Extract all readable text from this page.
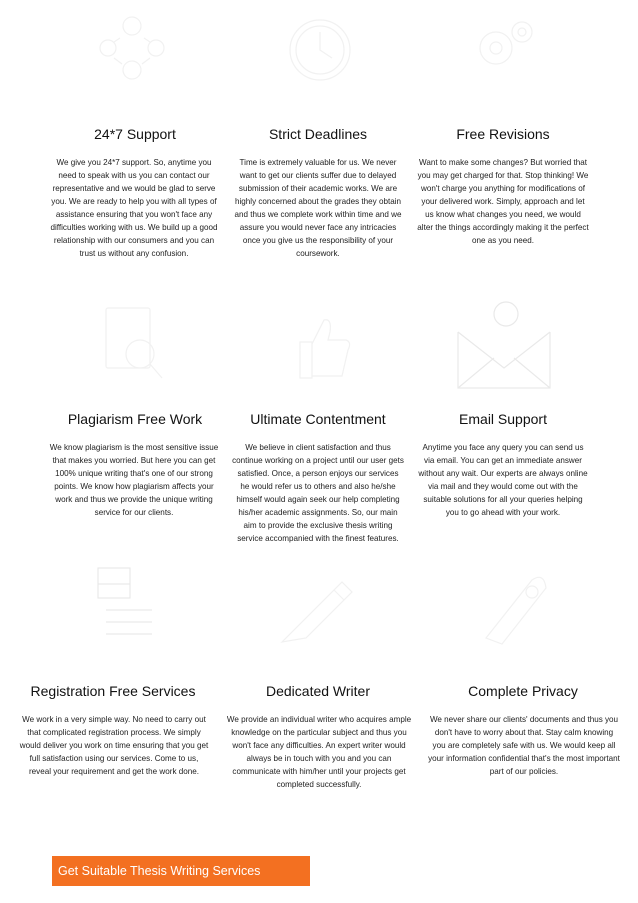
24*7 Support
We give you 24*7 support. So, anytime you need to speak with us you can contact our representative and we would be glad to serve you. We are ready to help you with all types of assistance ensuring that you won't face any difficulties working with us. We build up a good relationship with our consumers and you can trust us without any confusion.
Strict Deadlines
Time is extremely valuable for us. We never want to get our clients suffer due to delayed submission of their academic works. We are highly concerned about the grades they obtain and thus we complete work within time and we assure you would never face any intricacies once you give us the responsibility of your coursework.
Free Revisions
Want to make some changes? But worried that you may get charged for that. Stop thinking! We won't charge you anything for modifications of your delivered work. Simply, approach and let us know what changes you need, we would alter the things accordingly making it the perfect one as you need.
Plagiarism Free Work
We know plagiarism is the most sensitive issue that makes you worried. But here you can get 100% unique writing that's one of our strong points. We know how plagiarism affects your work and thus we provide the unique writing service for our clients.
Ultimate Contentment
We believe in client satisfaction and thus continue working on a project until our user gets satisfied. Once, a person enjoys our services he would refer us to others and also he/she himself would again seek our help completing his/her academic assignments. So, our main aim to provide the exclusive thesis writing service accompanied with the finest features.
Email Support
Anytime you face any query you can send us via email. You can get an immediate answer without any wait. Our experts are always online via mail and they would come out with the suitable solutions for all your queries helping you to go ahead with your work.
Registration Free Services
We work in a very simple way. No need to carry out that complicated registration process. We simply would deliver you work on time ensuring that you get full satisfaction using our services. Come to us, reveal your requirement and get the work done.
Dedicated Writer
We provide an individual writer who acquires ample knowledge on the particular subject and thus you won't face any difficulties. An expert writer would always be in touch with you and you can communicate with him/her until your projects get completed successfully.
Complete Privacy
We never share our clients' documents and thus you don't have to worry about that. Stay calm knowing you are completely safe with us. We would keep all your information confidential that's the most important part of our policies.
Get Suitable Thesis Writing Services
